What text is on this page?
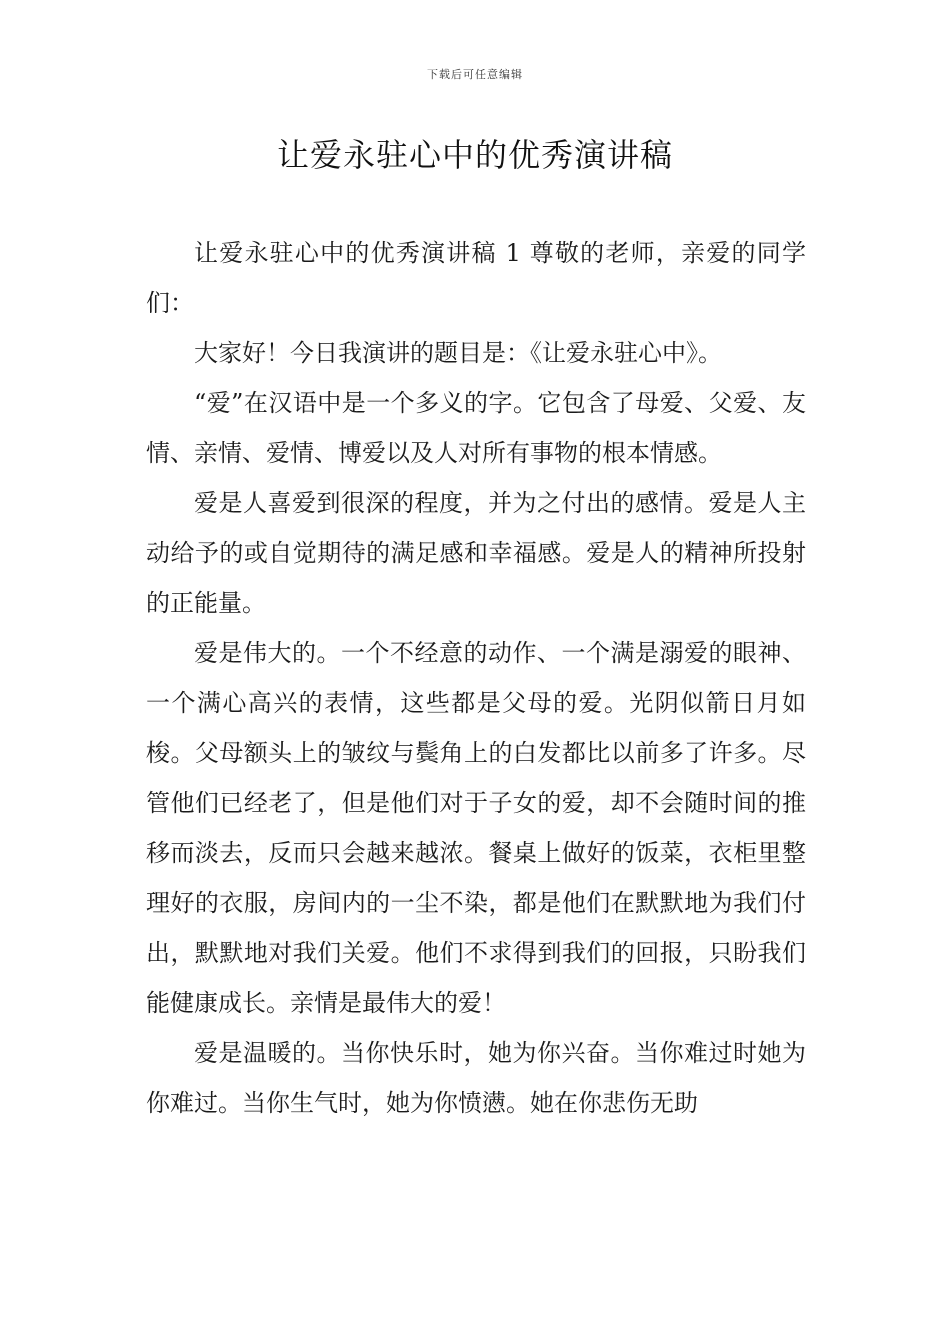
下载后可任意编辑
让爱永驻心中的优秀演讲稿

让爱永驻心中的优秀演讲稿 1 尊敬的老师，亲爱的同学们：

大家好！今日我演讲的题目是：《让爱永驻心中》。

“爱”在汉语中是一个多义的字。它包含了母爱、父爱、友情、亲情、爱情、博爱以及人对所有事物的根本情感。

爱是人喜爱到很深的程度，并为之付出的感情。爱是人主动给予的或自觉期待的满足感和幸福感。爱是人的精神所投射的正能量。

爱是伟大的。一个不经意的动作、一个满是溺爱的眼神、一个满心高兴的表情，这些都是父母的爱。光阴似箭日月如梭。父母额头上的皱纹与鬓角上的白发都比以前多了许多。尽管他们已经老了，但是他们对于子女的爱，却不会随时间的推移而淡去，反而只会越来越浓。餐桌上做好的饭菜，衣柜里整理好的衣服，房间内的一尘不染，都是他们在默默地为我们付出，默默地对我们关爱。他们不求得到我们的回报，只盼我们能健康成长。亲情是最伟大的爱！

爱是温暖的。当你快乐时，她为你兴奋。当你难过时她为你难过。当你生气时，她为你愤懑。她在你悲伤无助
